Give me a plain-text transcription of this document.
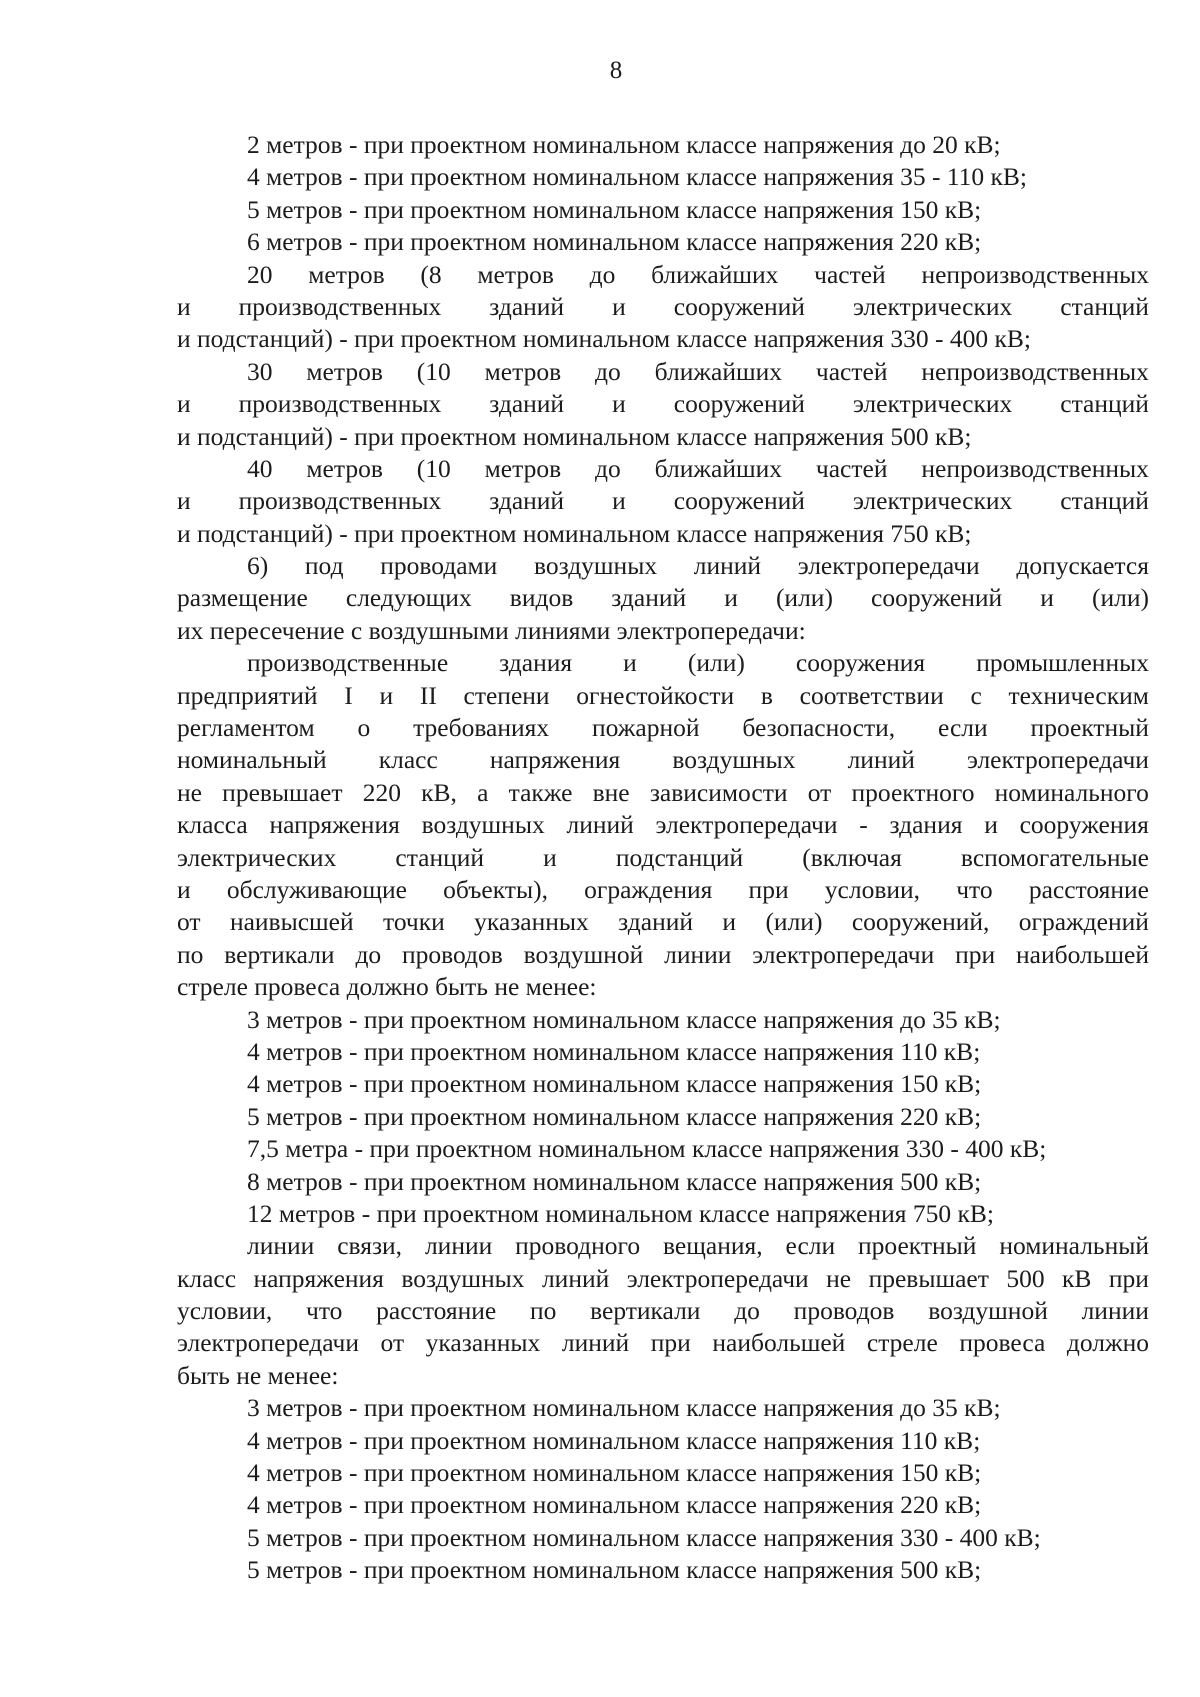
8
2 метров - при проектном номинальном классе напряжения до 20 кВ;
4 метров - при проектном номинальном классе напряжения 35 - 110 кВ;
5 метров - при проектном номинальном классе напряжения 150 кВ;
6 метров - при проектном номинальном классе напряжения 220 кВ;
20 метров (8 метров до ближайших частей непроизводственных
и производственных зданий и сооружений электрических станций
и подстанций) - при проектном номинальном классе напряжения 330 - 400 кВ;
30 метров (10 метров до ближайших частей непроизводственных
и производственных зданий и сооружений электрических станций
и подстанций) - при проектном номинальном классе напряжения 500 кВ;
40 метров (10 метров до ближайших частей непроизводственных
и производственных зданий и сооружений электрических станций
и подстанций) - при проектном номинальном классе напряжения 750 кВ;
6) под проводами воздушных линий электропередачи допускается
размещение следующих видов зданий и (или) сооружений и (или)
их пересечение с воздушными линиями электропередачи:
производственные здания и (или) сооружения промышленных
предприятий I и II степени огнестойкости в соответствии с техническим
регламентом о требованиях пожарной безопасности, если проектный
номинальный класс напряжения воздушных линий электропередачи
не превышает 220 кВ, а также вне зависимости от проектного номинального
класса напряжения воздушных линий электропередачи - здания и сооружения
электрических станций и подстанций (включая вспомогательные
и обслуживающие объекты), ограждения при условии, что расстояние
от наивысшей точки указанных зданий и (или) сооружений, ограждений
по вертикали до проводов воздушной линии электропередачи при наибольшей
стреле провеса должно быть не менее:
3 метров - при проектном номинальном классе напряжения до 35 кВ;
4 метров - при проектном номинальном классе напряжения 110 кВ;
4 метров - при проектном номинальном классе напряжения 150 кВ;
5 метров - при проектном номинальном классе напряжения 220 кВ;
7,5 метра - при проектном номинальном классе напряжения 330 - 400 кВ;
8 метров - при проектном номинальном классе напряжения 500 кВ;
12 метров - при проектном номинальном классе напряжения 750 кВ;
линии связи, линии проводного вещания, если проектный номинальный
класс напряжения воздушных линий электропередачи не превышает 500 кВ при
условии, что расстояние по вертикали до проводов воздушной линии
электропередачи от указанных линий при наибольшей стреле провеса должно
быть не менее:
3 метров - при проектном номинальном классе напряжения до 35 кВ;
4 метров - при проектном номинальном классе напряжения 110 кВ;
4 метров - при проектном номинальном классе напряжения 150 кВ;
4 метров - при проектном номинальном классе напряжения 220 кВ;
5 метров - при проектном номинальном классе напряжения 330 - 400 кВ;
5 метров - при проектном номинальном классе напряжения 500 кВ;
